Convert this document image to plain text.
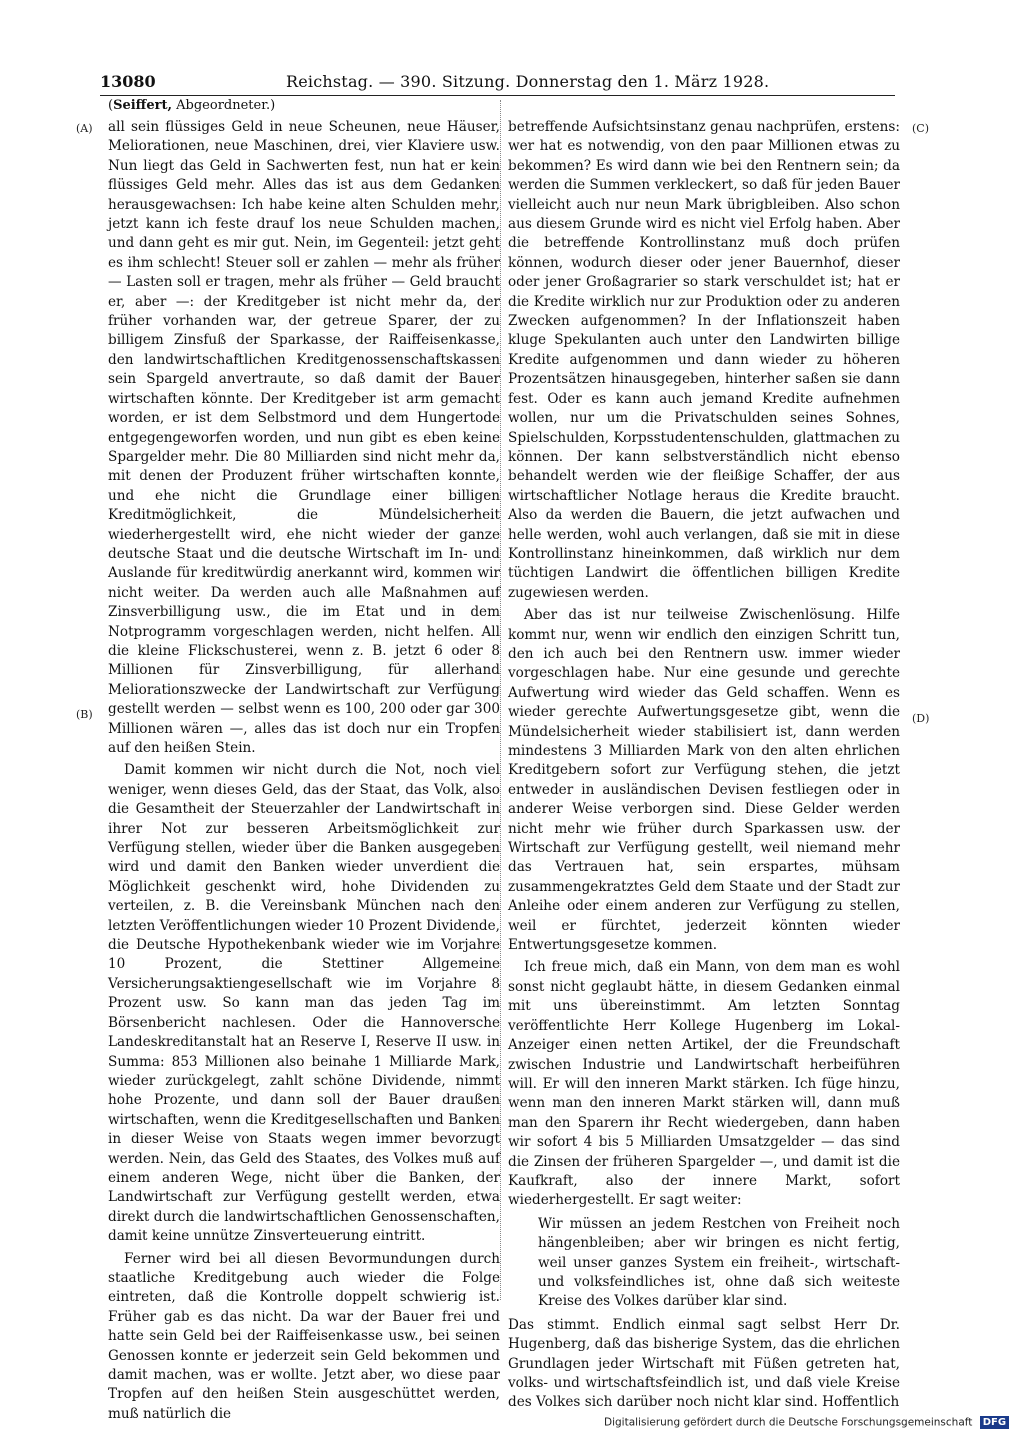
13080	Reichstag. — 390. Sitzung. Donnerstag den 1. März 1928.
(Seiffert, Abgeordneter.)
(A)
(B)
(C)
(D)

all sein flüssiges Geld in neue Scheunen, neue Häuser, Meliorationen, neue Maschinen, drei, vier Klaviere usw. Nun liegt das Geld in Sachwerten fest, nun hat er kein flüssiges Geld mehr. Alles das ist aus dem Gedanken herausgewachsen: Ich habe keine alten Schulden mehr, jetzt kann ich feste drauf los neue Schulden machen, und dann geht es mir gut. Nein, im Gegenteil: jetzt geht es ihm schlecht! Steuer soll er zahlen — mehr als früher — Lasten soll er tragen, mehr als früher — Geld braucht er, aber —: der Kreditgeber ist nicht mehr da, der früher vorhanden war, der getreue Sparer, der zu billigem Zinsfuß der Sparkasse, der Raiffeisenkasse, den landwirtschaftlichen Kreditgenossenschaftskassen sein Spargeld anvertraute, so daß damit der Bauer wirtschaften könnte. Der Kreditgeber ist arm gemacht worden, er ist dem Selbstmord und dem Hungertode entgegengeworfen worden, und nun gibt es eben keine Spargelder mehr. Die 80 Milliarden sind nicht mehr da, mit denen der Produzent früher wirtschaften konnte, und ehe nicht die Grundlage einer billigen Kreditmöglichkeit, die Mündelsicherheit wiederhergestellt wird, ehe nicht wieder der ganze deutsche Staat und die deutsche Wirtschaft im In- und Auslande für kreditwürdig anerkannt wird, kommen wir nicht weiter. Da werden auch alle Maßnahmen auf Zinsverbilligung usw., die im Etat und in dem Notprogramm vorgeschlagen werden, nicht helfen. All die kleine Flickschusterei, wenn z. B. jetzt 6 oder 8 Millionen für Zinsverbilligung, für allerhand Meliorationszwecke der Landwirtschaft zur Verfügung gestellt werden — selbst wenn es 100, 200 oder gar 300 Millionen wären —, alles das ist doch nur ein Tropfen auf den heißen Stein.

Damit kommen wir nicht durch die Not, noch viel weniger, wenn dieses Geld, das der Staat, das Volk, also die Gesamtheit der Steuerzahler der Landwirtschaft in ihrer Not zur besseren Arbeitsmöglichkeit zur Verfügung stellen, wieder über die Banken ausgegeben wird und damit den Banken wieder unverdient die Möglichkeit geschenkt wird, hohe Dividenden zu verteilen, z. B. die Vereinsbank München nach den letzten Veröffentlichungen wieder 10 Prozent Dividende, die Deutsche Hypothekenbank wieder wie im Vorjahre 10 Prozent, die Stettiner Allgemeine Versicherungsaktiengesellschaft wie im Vorjahre 8 Prozent usw. So kann man das jeden Tag im Börsenbericht nachlesen. Oder die Hannoversche Landeskreditanstalt hat an Reserve I, Reserve II usw. in Summa: 853 Millionen also beinahe 1 Milliarde Mark, wieder zurückgelegt, zahlt schöne Dividende, nimmt hohe Prozente, und dann soll der Bauer draußen wirtschaften, wenn die Kreditgesellschaften und Banken in dieser Weise von Staats wegen immer bevorzugt werden. Nein, das Geld des Staates, des Volkes muß auf einem anderen Wege, nicht über die Banken, der Landwirtschaft zur Verfügung gestellt werden, etwa direkt durch die landwirtschaftlichen Genossenschaften, damit keine unnütze Zinsverteuerung eintritt.

Ferner wird bei all diesen Bevormundungen durch staatliche Kreditgebung auch wieder die Folge eintreten, daß die Kontrolle doppelt schwierig ist. Früher gab es das nicht. Da war der Bauer frei und hatte sein Geld bei der Raiffeisenkasse usw., bei seinen Genossen konnte er jederzeit sein Geld bekommen und damit machen, was er wollte. Jetzt aber, wo diese paar Tropfen auf den heißen Stein ausgeschüttet werden, muß natürlich die

betreffende Aufsichtsinstanz genau nachprüfen, erstens: wer hat es notwendig, von den paar Millionen etwas zu bekommen? Es wird dann wie bei den Rentnern sein; da werden die Summen verkleckert, so daß für jeden Bauer vielleicht auch nur neun Mark übrigbleiben. Also schon aus diesem Grunde wird es nicht viel Erfolg haben. Aber die betreffende Kontrollinstanz muß doch prüfen können, wodurch dieser oder jener Bauernhof, dieser oder jener Großagrarier so stark verschuldet ist; hat er die Kredite wirklich nur zur Produktion oder zu anderen Zwecken aufgenommen? In der Inflationszeit haben kluge Spekulanten auch unter den Landwirten billige Kredite aufgenommen und dann wieder zu höheren Prozentsätzen hinausgegeben, hinterher saßen sie dann fest. Oder es kann auch jemand Kredite aufnehmen wollen, nur um die Privatschulden seines Sohnes, Spielschulden, Korpsstudentenschulden, glattmachen zu können. Der kann selbstverständlich nicht ebenso behandelt werden wie der fleißige Schaffer, der aus wirtschaftlicher Notlage heraus die Kredite braucht. Also da werden die Bauern, die jetzt aufwachen und helle werden, wohl auch verlangen, daß sie mit in diese Kontrollinstanz hineinkommen, daß wirklich nur dem tüchtigen Landwirt die öffentlichen billigen Kredite zugewiesen werden.

Aber das ist nur teilweise Zwischenlösung. Hilfe kommt nur, wenn wir endlich den einzigen Schritt tun, den ich auch bei den Rentnern usw. immer wieder vorgeschlagen habe. Nur eine gesunde und gerechte Aufwertung wird wieder das Geld schaffen. Wenn es wieder gerechte Aufwertungsgesetze gibt, wenn die Mündelsicherheit wieder stabilisiert ist, dann werden mindestens 3 Milliarden Mark von den alten ehrlichen Kreditgebern sofort zur Verfügung stehen, die jetzt entweder in ausländischen Devisen festliegen oder in anderer Weise verborgen sind. Diese Gelder werden nicht mehr wie früher durch Sparkassen usw. der Wirtschaft zur Verfügung gestellt, weil niemand mehr das Vertrauen hat, sein erspartes, mühsam zusammengekratztes Geld dem Staate und der Stadt zur Anleihe oder einem anderen zur Verfügung zu stellen, weil er fürchtet, jederzeit könnten wieder Entwertungsgesetze kommen.

Ich freue mich, daß ein Mann, von dem man es wohl sonst nicht geglaubt hätte, in diesem Gedanken einmal mit uns übereinstimmt. Am letzten Sonntag veröffentlichte Herr Kollege Hugenberg im Lokal-Anzeiger einen netten Artikel, der die Freundschaft zwischen Industrie und Landwirtschaft herbeiführen will. Er will den inneren Markt stärken. Ich füge hinzu, wenn man den inneren Markt stärken will, dann muß man den Sparern ihr Recht wiedergeben, dann haben wir sofort 4 bis 5 Milliarden Umsatzgelder — das sind die Zinsen der früheren Spargelder —, und damit ist die Kaufkraft, also der innere Markt, sofort wiederhergestellt. Er sagt weiter:

Wir müssen an jedem Restchen von Freiheit noch hängenbleiben; aber wir bringen es nicht fertig, weil unser ganzes System ein freiheit-, wirtschaft- und volksfeindliches ist, ohne daß sich weiteste Kreise des Volkes darüber klar sind.

Das stimmt. Endlich einmal sagt selbst Herr Dr. Hugenberg, daß das bisherige System, das die ehrlichen Grundlagen jeder Wirtschaft mit Füßen getreten hat, volks- und wirtschaftsfeindlich ist, und daß viele Kreise des Volkes sich darüber noch nicht klar sind. Hoffentlich

Digitalisierung gefördert durch die Deutsche Forschungsgemeinschaft DFG
